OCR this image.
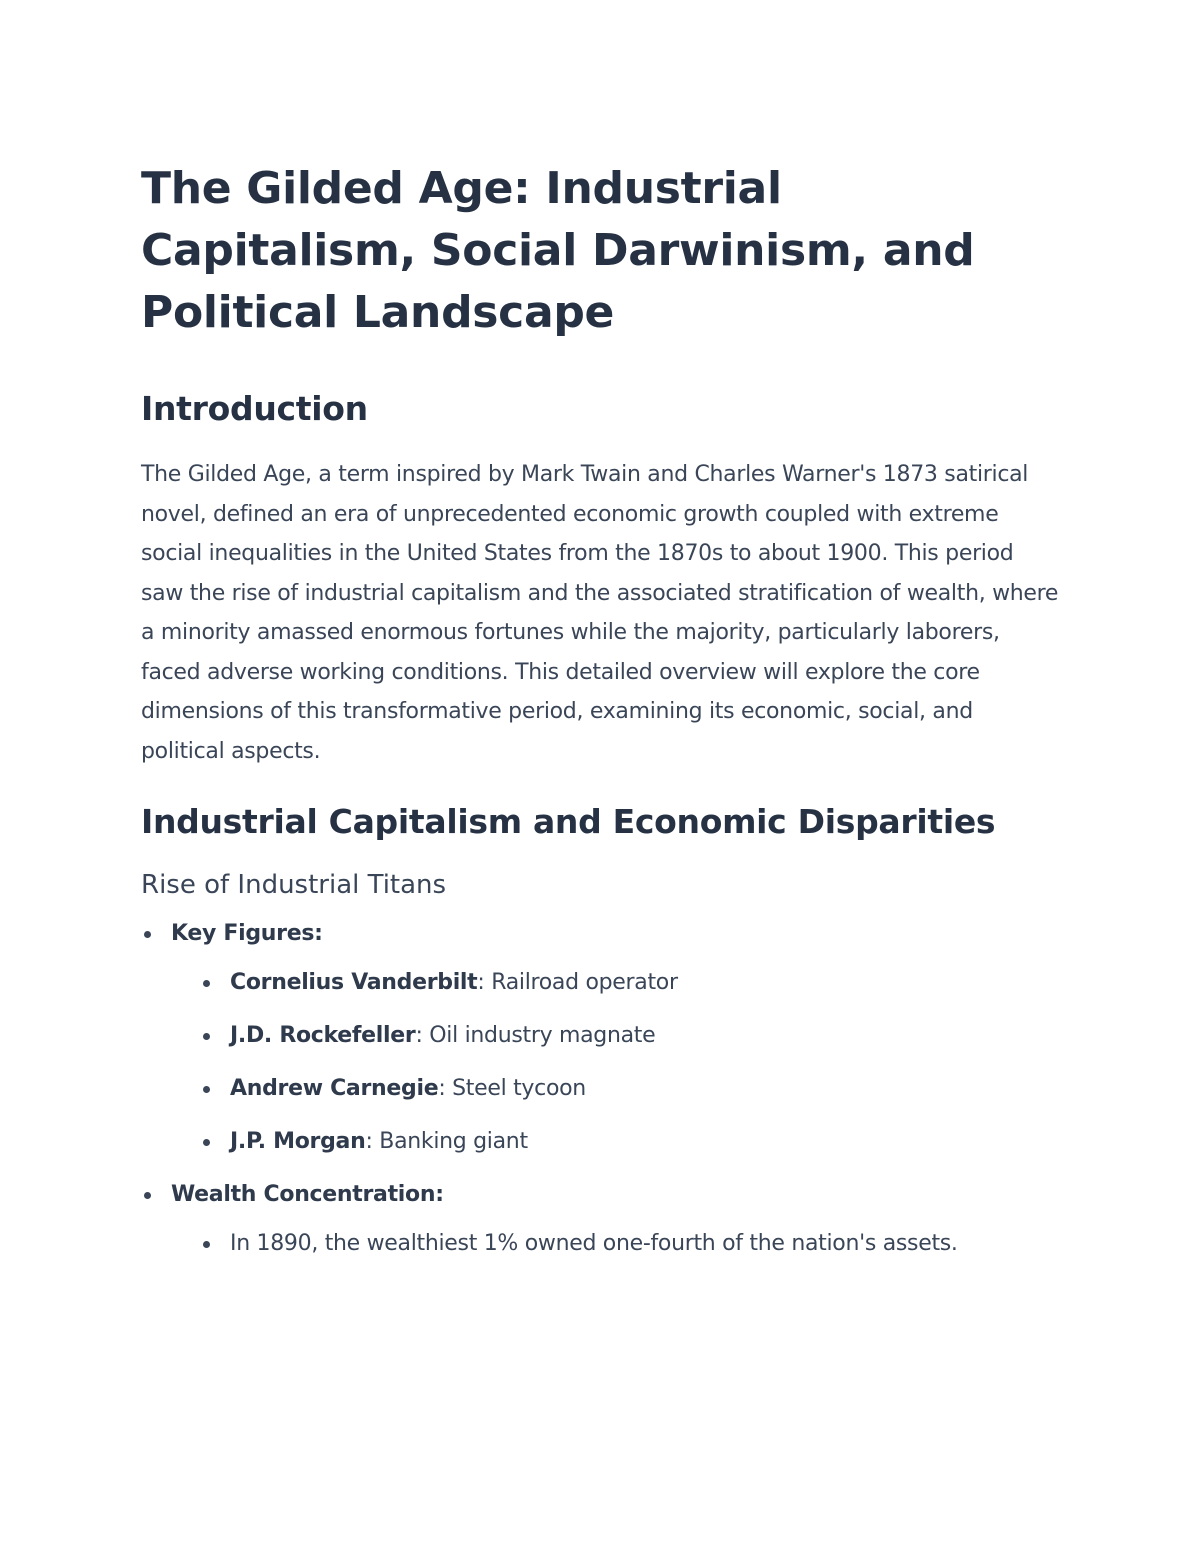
The Gilded Age: Industrial Capitalism, Social Darwinism, and Political Landscape
Introduction

The Gilded Age, a term inspired by Mark Twain and Charles Warner's 1873 satirical novel, defined an era of unprecedented economic growth coupled with extreme social inequalities in the United States from the 1870s to about 1900. This period saw the rise of industrial capitalism and the associated stratification of wealth, where a minority amassed enormous fortunes while the majority, particularly laborers, faced adverse working conditions. This detailed overview will explore the core dimensions of this transformative period, examining its economic, social, and political aspects.

Industrial Capitalism and Economic Disparities
Rise of Industrial Titans
Key Figures:
Cornelius Vanderbilt: Railroad operator
J.D. Rockefeller: Oil industry magnate
Andrew Carnegie: Steel tycoon
J.P. Morgan: Banking giant
Wealth Concentration:
In 1890, the wealthiest 1% owned one-fourth of the nation's assets.
